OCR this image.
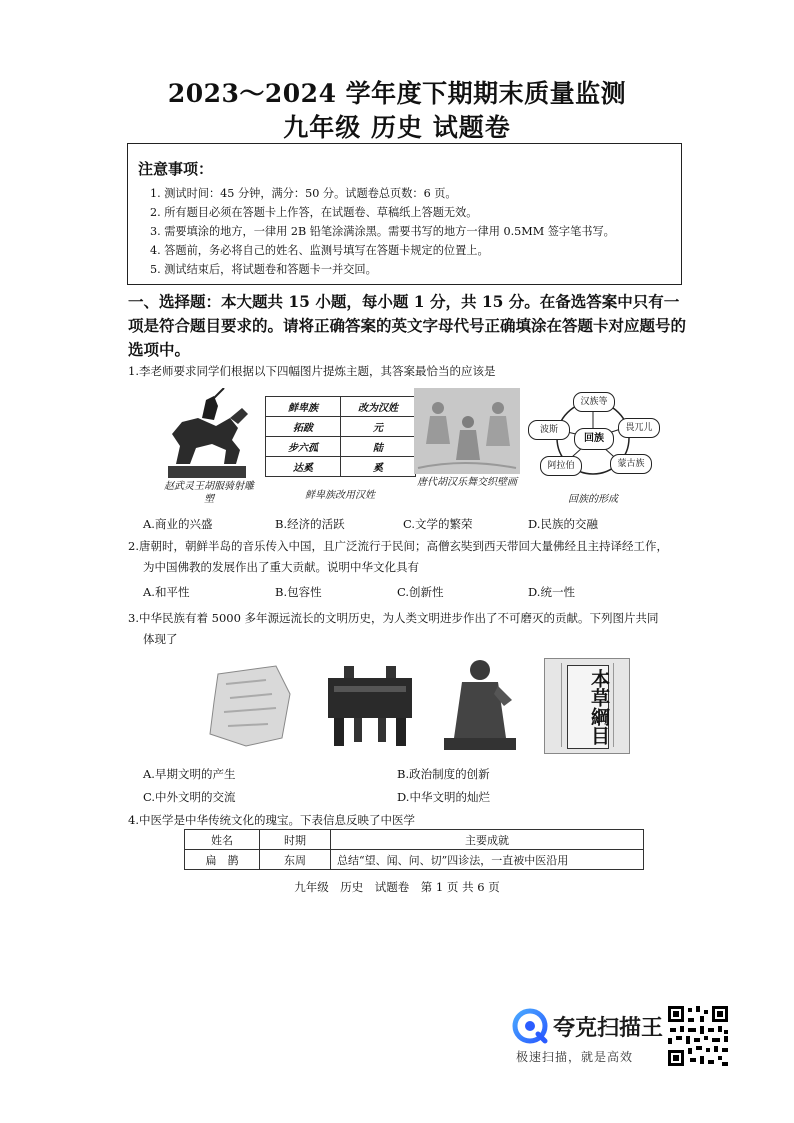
2023～2024 学年度下期期末质量监测
九年级 历史 试题卷
注意事项：
1. 测试时间：45 分钟，满分：50 分。试题卷总页数：6 页。
2. 所有题目必须在答题卡上作答，在试题卷、草稿纸上答题无效。
3. 需要填涂的地方，一律用 2B 铅笔涂满涂黑。需要书写的地方一律用 0.5MM 签字笔书写。
4. 答题前，务必将自己的姓名、监测号填写在答题卡规定的位置上。
5. 测试结束后，将试题卷和答题卡一并交回。
一、选择题：本大题共 15 小题，每小题 1 分，共 15 分。在备选答案中只有一项是符合题目要求的。请将正确答案的英文字母代号正确填涂在答题卡对应题号的选项中。
1.李老师要求同学们根据以下四幅图片提炼主题，其答案最恰当的应该是
赵武灵王胡服骑射雕塑
鲜卑族	改为汉姓
拓跋	元
步六孤	陆
达奚	奚
鲜卑族改用汉姓
唐代胡汉乐舞交织壁画
回族
汉族等
畏兀儿
蒙古族
阿拉伯
波斯
回族的形成
A.商业的兴盛	B.经济的活跃	C.文学的繁荣	D.民族的交融
2.唐朝时，朝鲜半岛的音乐传入中国，且广泛流行于民间；高僧玄奘到西天带回大量佛经且主持译经工作，
为中国佛教的发展作出了重大贡献。说明中华文化具有
A.和平性	B.包容性	C.创新性	D.统一性
3.中华民族有着 5000 多年源远流长的文明历史，为人类文明进步作出了不可磨灭的贡献。下列图片共同
体现了
本草綱目
A.早期文明的产生	B.政治制度的创新
C.中外文明的交流	D.中华文明的灿烂
4.中医学是中华传统文化的瑰宝。下表信息反映了中医学
姓名	时期	主要成就
扁　鹊	东周	总结“望、闻、问、切”四诊法，一直被中医沿用
九年级　历史　试题卷　第 1 页 共 6 页
夸克扫描王
极速扫描，就是高效
